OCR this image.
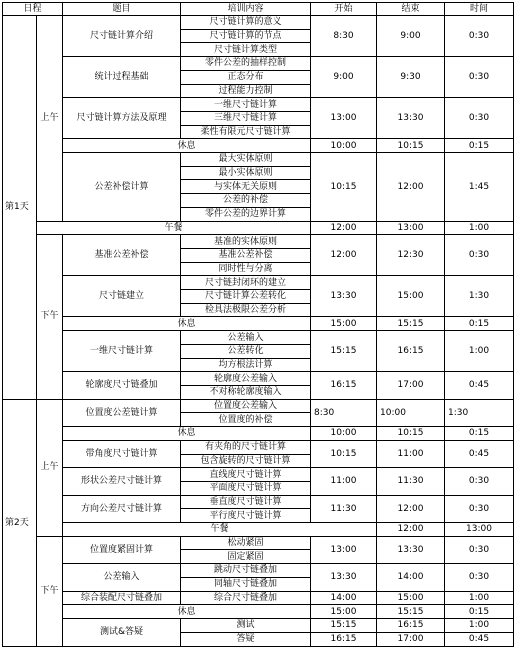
日程		题目	培训内容	开始	结束	时间	
第1天	上午	尺寸链计算介绍	尺寸链计算的意义	8:30	9:00	0:30	
			尺寸链计算的节点				
			尺寸链计算类型				
		统计过程基础	零件公差的抽样控制	9:00	9:30	0:30	
			正态分布				
			过程能力控制				
		尺寸链计算方法及原理	一维尺寸链计算	13:00	13:30	0:30	
			三维尺寸链计算				
			柔性有限元尺寸链计算				
		休息		10:00	10:15	0:15	
		公差补偿计算	最大实体原则	10:15	12:00	1:45	
			最小实体原则				
			与实体无关原则				
			公差的补偿				
			零件公差的边界计算				
	午餐			12:00	13:00	1:00	
	下午	基准公差补偿	基准的实体原则	12:00	12:30	0:30	
			基准公差补偿				
			同时性与分离				
		尺寸链建立	尺寸链封闭环的建立	13:30	15:00	1:30	
			尺寸链计算公差转化				
			检具法极限公差分析				
		休息		15:00	15:15	0:15	
		一维尺寸链计算	公差输入	15:15	16:15	1:00	
			公差转化				
			均方根法计算				
		轮廓度尺寸链叠加	轮廓度公差输入	16:15	17:00	0:45	
			不对称轮廓度输入				
第2天	上午	位置度公差链计算	位置度公差输入	8:30	10:00	1:30	
			位置度的补偿				
		休息		10:00	10:15	0:15	
		带角度尺寸链计算	有夹角的尺寸链计算	10:15	11:00	0:45	
			包含旋转的尺寸链计算				
		形状公差尺寸链计算	直线度尺寸链计算	11:00	11:30	0:30	
			平面度尺寸链计算				
		方向公差尺寸链计算	垂直度尺寸链计算	11:30	12:00	0:30	
			平行度尺寸链计算				
		午餐			12:00	13:00	
	下午	位置度紧固计算	松动紧固	13:00	13:30	0:30	
			固定紧固				
		公差输入	跳动尺寸链叠加	13:30	14:00	0:30	
			同轴尺寸链叠加				
		综合装配尺寸链叠加	综合尺寸链叠加	14:00	15:00	1:00	
		休息		15:00	15:15	0:15	
		测试&答疑	测试	15:15	16:15	1:00	
			答疑	16:15	17:00	0:45	
